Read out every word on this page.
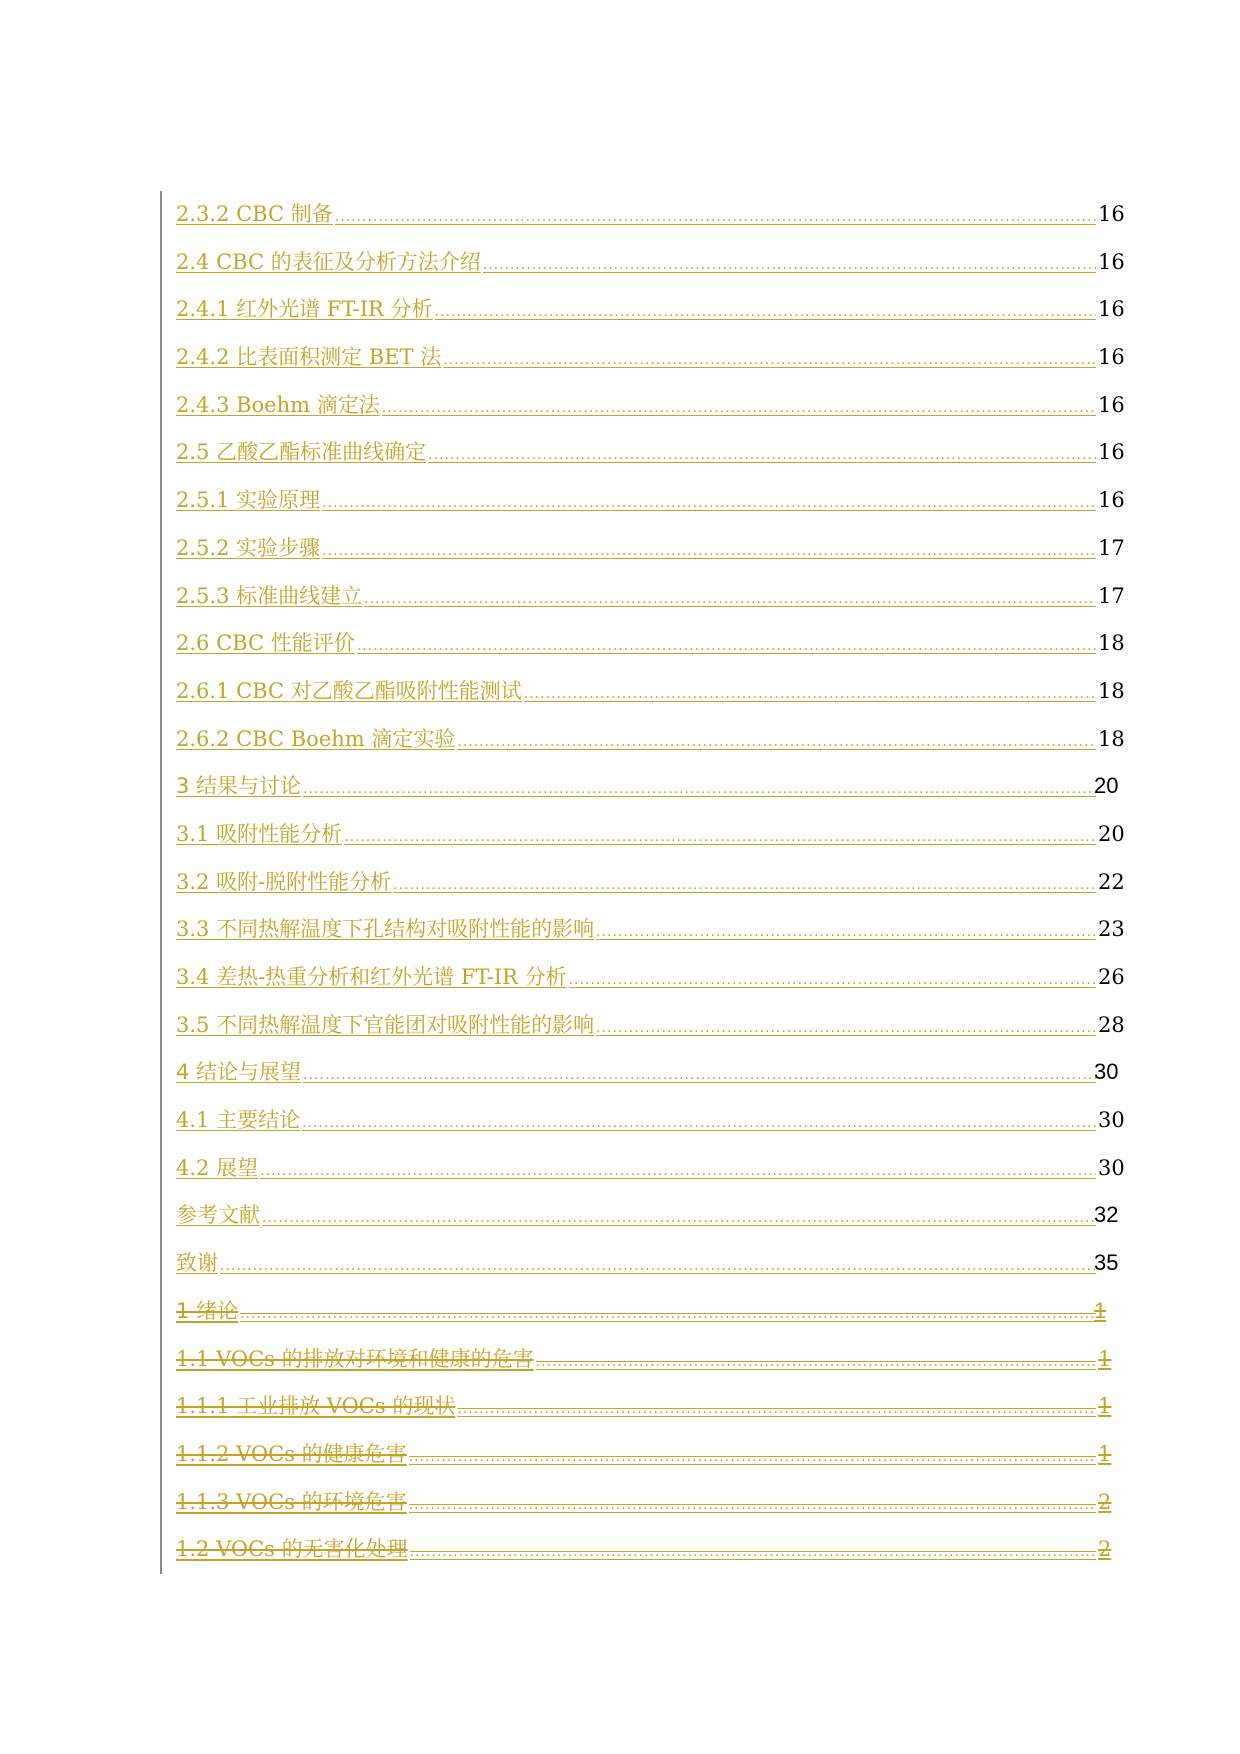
2.3.2 CBC 制备 .....	16
2.4 CBC 的表征及分析方法介绍 .....	16
2.4.1 红外光谱 FT-IR 分析 .....	16
2.4.2 比表面积测定 BET 法 .....	16
2.4.3 Boehm 滴定法 .....	16
2.5 乙酸乙酯标准曲线确定 .....	16
2.5.1 实验原理 .....	16
2.5.2 实验步骤 .....	17
2.5.3 标准曲线建立 .....	17
2.6 CBC 性能评价 .....	18
2.6.1 CBC 对乙酸乙酯吸附性能测试 .....	18
2.6.2 CBC Boehm 滴定实验 .....	18
3 结果与讨论 .....	20
3.1 吸附性能分析 .....	20
3.2 吸附-脱附性能分析 .....	22
3.3 不同热解温度下孔结构对吸附性能的影响 .....	23
3.4 差热-热重分析和红外光谱 FT-IR 分析 .....	26
3.5 不同热解温度下官能团对吸附性能的影响 .....	28
4 结论与展望 .....	30
4.1 主要结论 .....	30
4.2 展望 .....	30
参考文献 .....	32
致谢 .....	35
1 绪论 .....	1
1.1 VOCs 的排放对环境和健康的危害 .....	1
1.1.1 工业排放 VOCs 的现状 .....	1
1.1.2 VOCs 的健康危害 .....	1
1.1.3 VOCs 的环境危害 .....	2
1.2 VOCs 的无害化处理 .....	2
